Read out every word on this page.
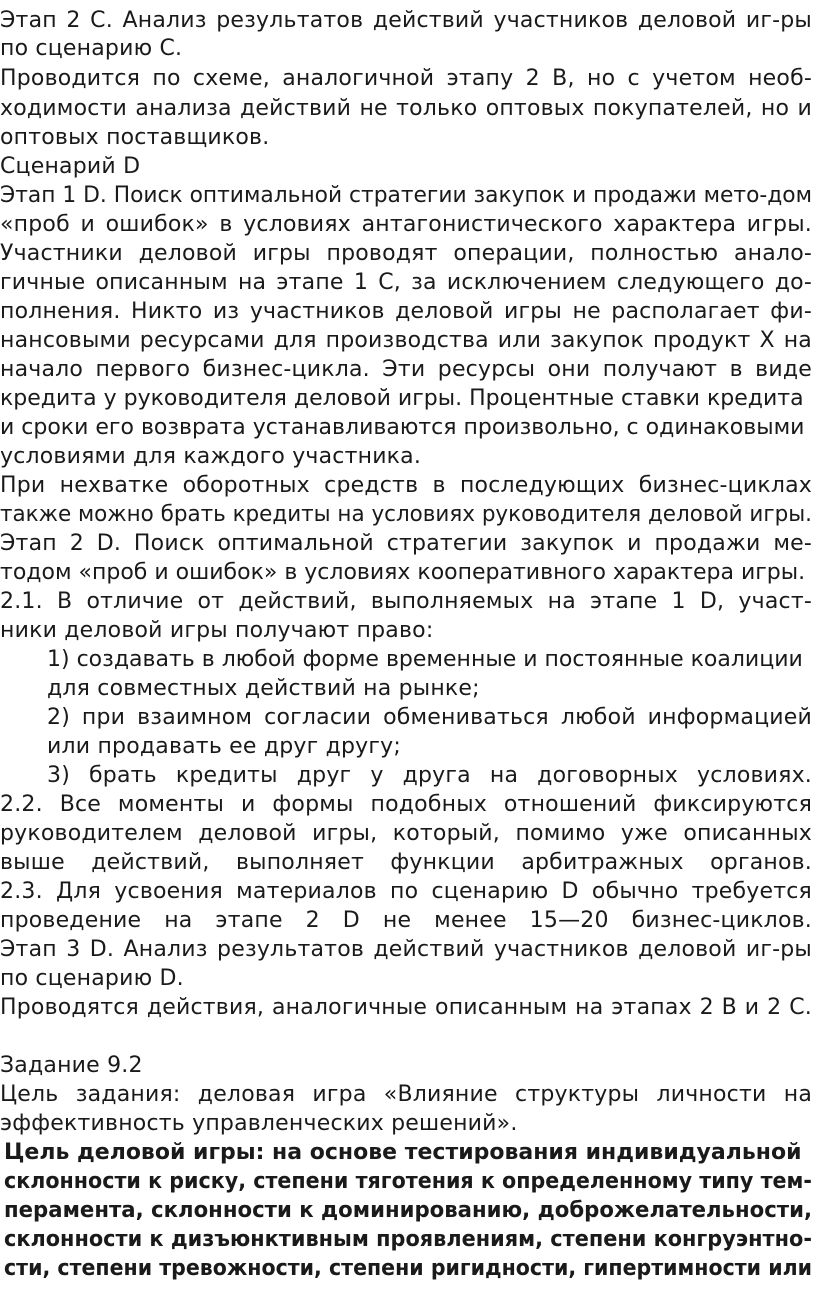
Этап 2 С. Анализ результатов действий участников деловой иг-ры
по сценарию С.
Проводится по схеме, аналогичной этапу 2 В, но с учетом необ-
ходимости анализа действий не только оптовых покупателей, но и
оптовых поставщиков.
Сценарий D
Этап 1 D. Поиск оптимальной стратегии закупок и продажи мето-дом
«проб и ошибок» в условиях антагонистического характера игры.
Участники деловой игры проводят операции, полностью анало-
гичные описанным на этапе 1 С, за исключением следующего до-
полнения. Никто из участников деловой игры не располагает фи-
нансовыми ресурсами для производства или закупок продукт X на
начало первого бизнес-цикла. Эти ресурсы они получают в виде
кредита у руководителя деловой игры. Процентные ставки кредита
и сроки его возврата устанавливаются произвольно, с одинаковыми
условиями для каждого участника.
При нехватке оборотных средств в последующих бизнес-циклах
также можно брать кредиты на условиях руководителя деловой игры.
Этап 2 D. Поиск оптимальной стратегии закупок и продажи ме-
тодом «проб и ошибок» в условиях кооперативного характера игры.
2.1. В отличие от действий, выполняемых на этапе 1 D, участ-
ники деловой игры получают право:
1) создавать в любой форме временные и постоянные коалиции
для совместных действий на рынке;
2) при взаимном согласии обмениваться любой информацией
или продавать ее друг другу;
3) брать кредиты друг у друга на договорных условиях.
2.2. Все моменты и формы подобных отношений фиксируются
руководителем деловой игры, который, помимо уже описанных
выше действий, выполняет функции арбитражных органов.
2.3. Для усвоения материалов по сценарию D обычно требуется
проведение на этапе 2 D не менее 15—20 бизнес-циклов.
Этап 3 D. Анализ результатов действий участников деловой иг-ры
по сценарию D.
Проводятся действия, аналогичные описанным на этапах 2 В и 2 С.
Задание 9.2
Цель задания: деловая игра «Влияние структуры личности на
эффективность управленческих решений».
Цель деловой игры: на основе тестирования индивидуальной
склонности к риску, степени тяготения к определенному типу тем-
перамента, склонности к доминированию, доброжелательности,
склонности к дизъюнктивным проявлениям, степени конгруэнтно-
сти, степени тревожности, степени ригидности, гипертимности или
